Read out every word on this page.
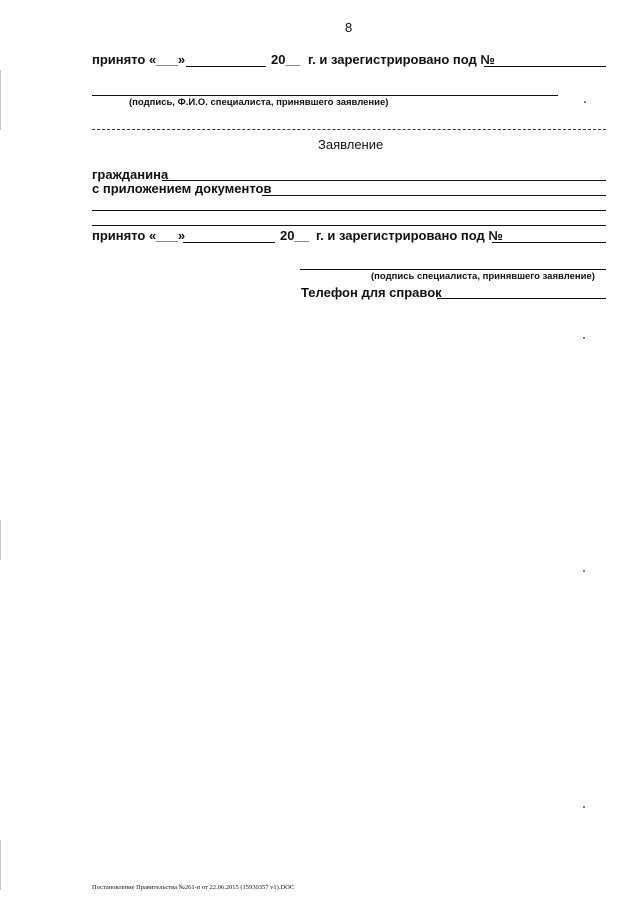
8
принято «___»	20__ г. и зарегистрировано под №
(подпись, Ф.И.О. специалиста, принявшего заявление)
Заявление
гражданина
с приложением документов
принято «___»	20__ г. и зарегистрировано под №
(подпись специалиста, принявшего заявление)
Телефон для справок
Постановление Правительства №261-п от 22.06.2015 (15930357 v1).DOC
